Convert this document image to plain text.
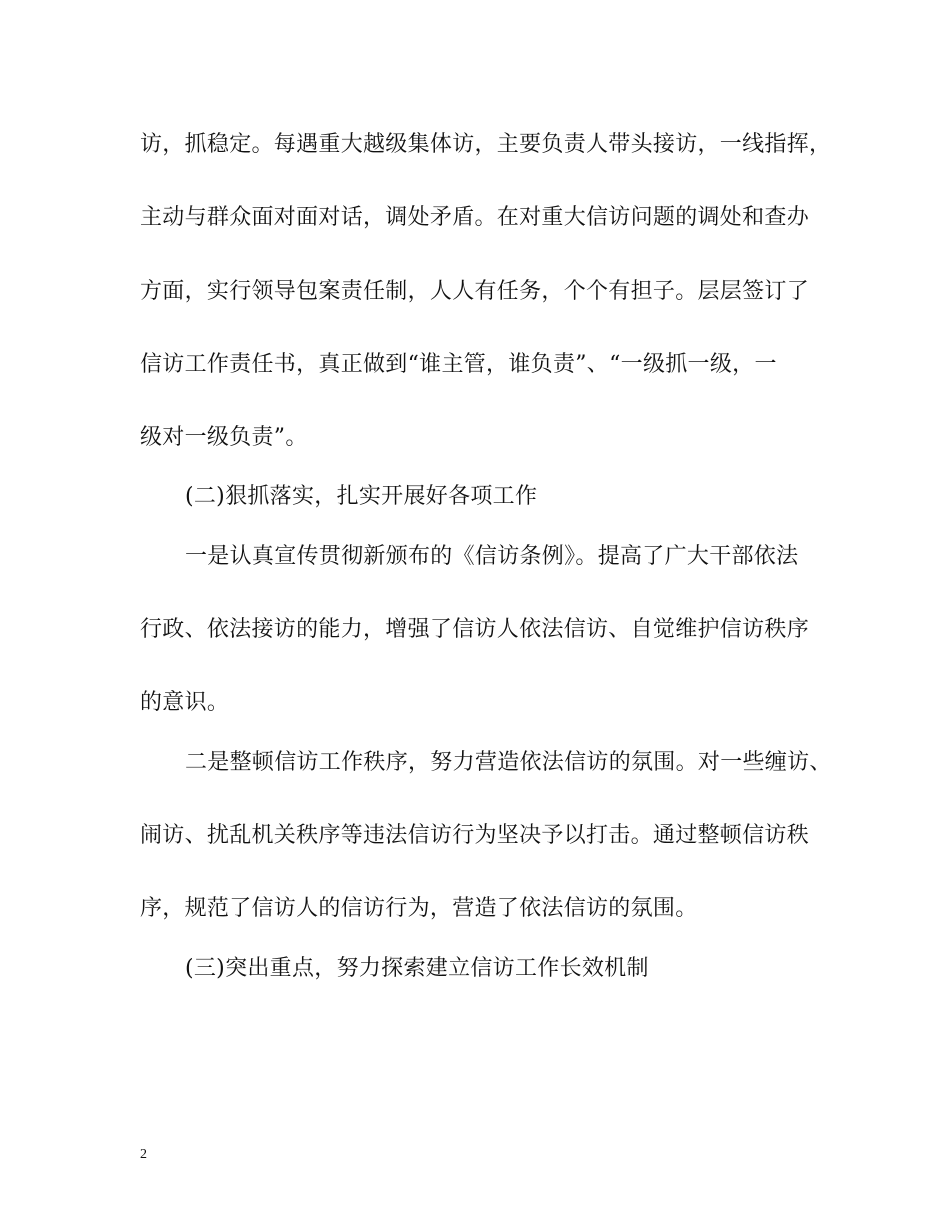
访，抓稳定。每遇重大越级集体访，主要负责人带头接访，一线指挥，
主动与群众面对面对话，调处矛盾。在对重大信访问题的调处和查办
方面，实行领导包案责任制，人人有任务，个个有担子。层层签订了
信访工作责任书，真正做到“谁主管，谁负责”、“一级抓一级，一
级对一级负责”。
(二)狠抓落实，扎实开展好各项工作
一是认真宣传贯彻新颁布的《信访条例》。提高了广大干部依法
行政、依法接访的能力，增强了信访人依法信访、自觉维护信访秩序
的意识。
二是整顿信访工作秩序，努力营造依法信访的氛围。对一些缠访、
闹访、扰乱机关秩序等违法信访行为坚决予以打击。通过整顿信访秩
序，规范了信访人的信访行为，营造了依法信访的氛围。
(三)突出重点，努力探索建立信访工作长效机制
2
